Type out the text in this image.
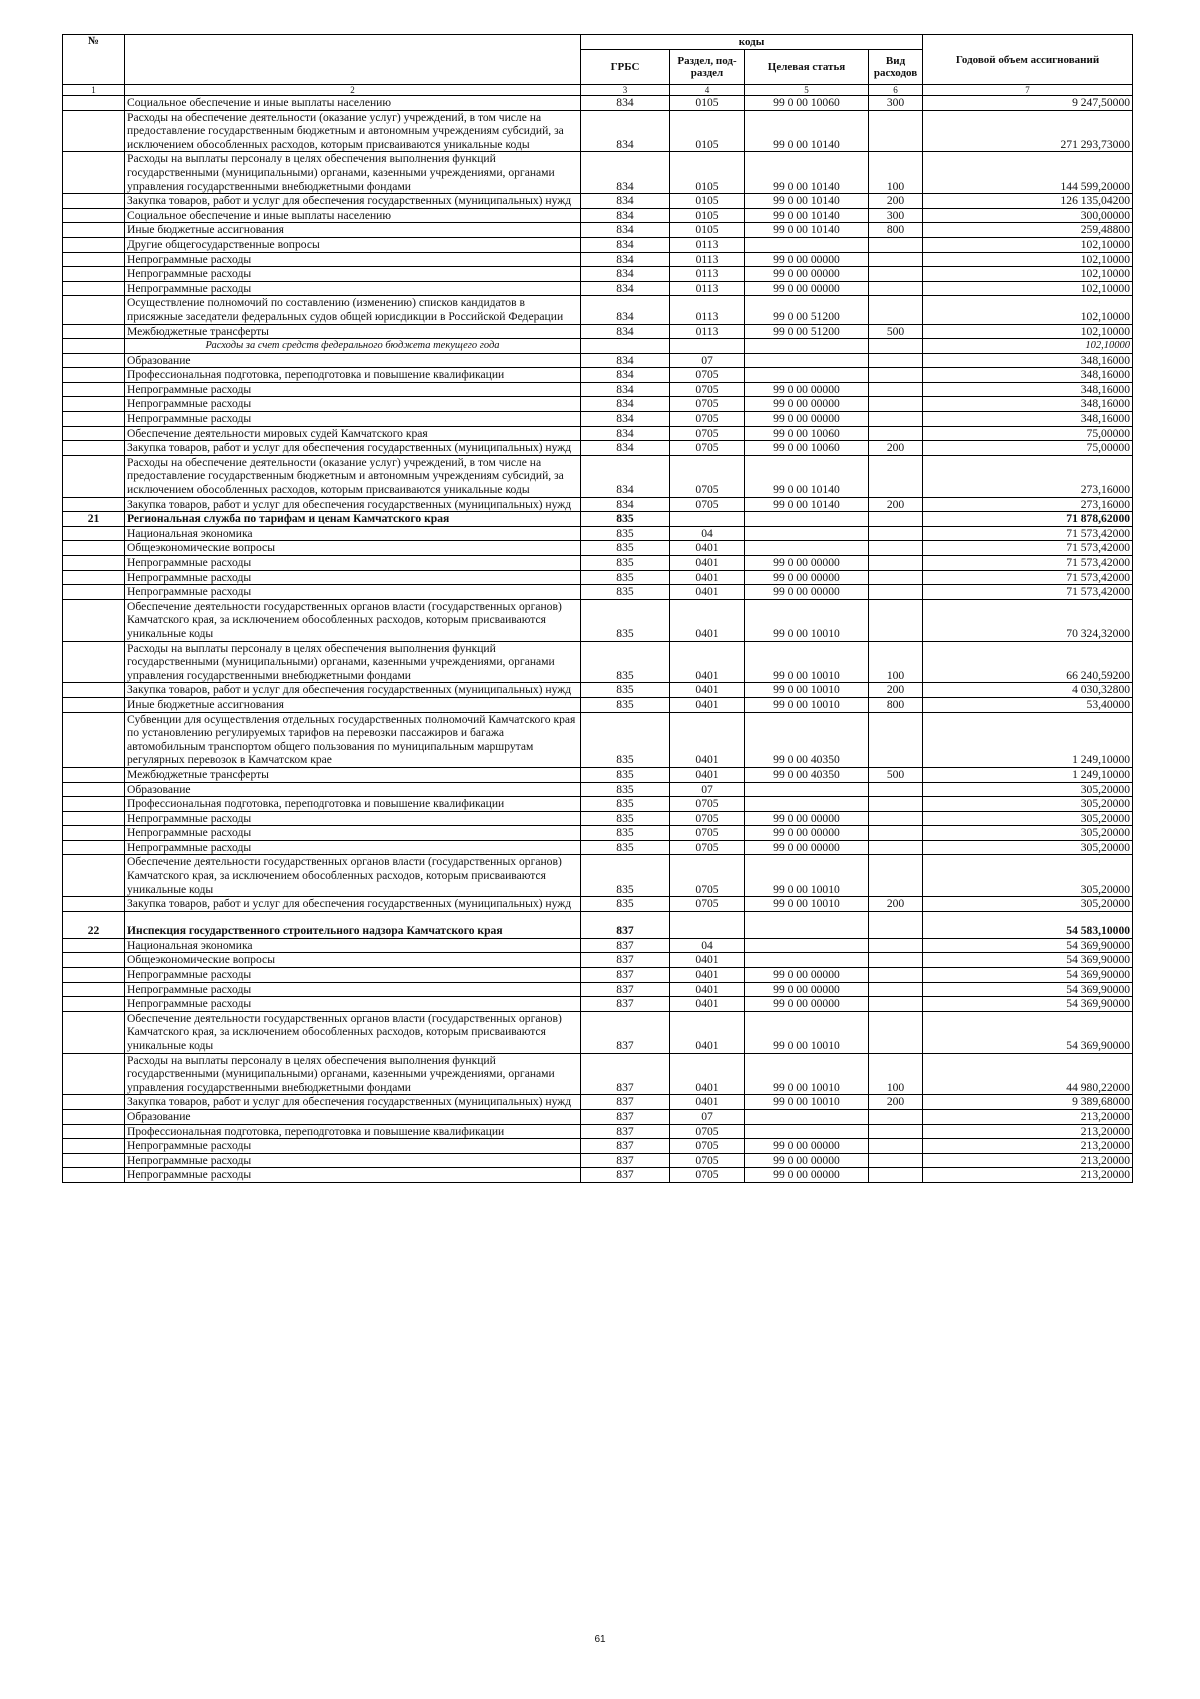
№		коды				Годовой объем ассигнований
		ГРБС	Раздел, под-раздел	Целевая статья	Вид расходов	
1	2	3	4	5	6	7
	Социальное обеспечение и иные выплаты населению	834	0105	99 0 00 10060	300	9 247,50000
	Расходы на обеспечение деятельности (оказание услуг) учреждений, в том числе на предоставление государственным бюджетным и автономным учреждениям субсидий, за исключением обособленных расходов, которым присваиваются уникальные коды	834	0105	99 0 00 10140		271 293,73000
	Расходы на выплаты персоналу в целях обеспечения выполнения функций государственными (муниципальными) органами, казенными учреждениями, органами управления государственными внебюджетными фондами	834	0105	99 0 00 10140	100	144 599,20000
	Закупка товаров, работ и услуг для обеспечения государственных (муниципальных) нужд	834	0105	99 0 00 10140	200	126 135,04200
	Социальное обеспечение и иные выплаты населению	834	0105	99 0 00 10140	300	300,00000
	Иные бюджетные ассигнования	834	0105	99 0 00 10140	800	259,48800
	Другие общегосударственные вопросы	834	0113			102,10000
	Непрограммные расходы	834	0113	99 0 00 00000		102,10000
	Непрограммные расходы	834	0113	99 0 00 00000		102,10000
	Непрограммные расходы	834	0113	99 0 00 00000		102,10000
	Осуществление полномочий по составлению (изменению) списков кандидатов в присяжные заседатели федеральных судов общей юрисдикции в Российской Федерации	834	0113	99 0 00 51200		102,10000
	Межбюджетные трансферты	834	0113	99 0 00 51200	500	102,10000
	Расходы за счет средств федерального бюджета текущего года					102,10000
	Образование	834	07			348,16000
	Профессиональная подготовка, переподготовка и повышение квалификации	834	0705			348,16000
	Непрограммные расходы	834	0705	99 0 00 00000		348,16000
	Непрограммные расходы	834	0705	99 0 00 00000		348,16000
	Непрограммные расходы	834	0705	99 0 00 00000		348,16000
	Обеспечение деятельности мировых судей Камчатского края	834	0705	99 0 00 10060		75,00000
	Закупка товаров, работ и услуг для обеспечения государственных (муниципальных) нужд	834	0705	99 0 00 10060	200	75,00000
	Расходы на обеспечение деятельности (оказание услуг) учреждений, в том числе на предоставление государственным бюджетным и автономным учреждениям субсидий, за исключением обособленных расходов, которым присваиваются уникальные коды	834	0705	99 0 00 10140		273,16000
	Закупка товаров, работ и услуг для обеспечения государственных (муниципальных) нужд	834	0705	99 0 00 10140	200	273,16000
21	Региональная служба по тарифам и ценам Камчатского края	835				71 878,62000
	Национальная экономика	835	04			71 573,42000
	Общеэкономические вопросы	835	0401			71 573,42000
	Непрограммные расходы	835	0401	99 0 00 00000		71 573,42000
	Непрограммные расходы	835	0401	99 0 00 00000		71 573,42000
	Непрограммные расходы	835	0401	99 0 00 00000		71 573,42000
	Обеспечение деятельности государственных органов власти (государственных органов) Камчатского края, за исключением обособленных расходов, которым присваиваются уникальные коды	835	0401	99 0 00 10010		70 324,32000
	Расходы на выплаты персоналу в целях обеспечения выполнения функций государственными (муниципальными) органами, казенными учреждениями, органами управления государственными внебюджетными фондами	835	0401	99 0 00 10010	100	66 240,59200
	Закупка товаров, работ и услуг для обеспечения государственных (муниципальных) нужд	835	0401	99 0 00 10010	200	4 030,32800
	Иные бюджетные ассигнования	835	0401	99 0 00 10010	800	53,40000
	Субвенции для осуществления отдельных государственных полномочий Камчатского края по установлению регулируемых тарифов на перевозки пассажиров и багажа автомобильным транспортом общего пользования по муниципальным маршрутам регулярных перевозок в Камчатском крае	835	0401	99 0 00 40350		1 249,10000
	Межбюджетные трансферты	835	0401	99 0 00 40350	500	1 249,10000
	Образование	835	07			305,20000
	Профессиональная подготовка, переподготовка и повышение квалификации	835	0705			305,20000
	Непрограммные расходы	835	0705	99 0 00 00000		305,20000
	Непрограммные расходы	835	0705	99 0 00 00000		305,20000
	Непрограммные расходы	835	0705	99 0 00 00000		305,20000
	Обеспечение деятельности государственных органов власти (государственных органов) Камчатского края, за исключением обособленных расходов, которым присваиваются уникальные коды	835	0705	99 0 00 10010		305,20000
	Закупка товаров, работ и услуг для обеспечения государственных (муниципальных) нужд	835	0705	99 0 00 10010	200	305,20000
22	Инспекция государственного строительного надзора Камчатского края	837				54 583,10000
	Национальная экономика	837	04			54 369,90000
	Общеэкономические вопросы	837	0401			54 369,90000
	Непрограммные расходы	837	0401	99 0 00 00000		54 369,90000
	Непрограммные расходы	837	0401	99 0 00 00000		54 369,90000
	Непрограммные расходы	837	0401	99 0 00 00000		54 369,90000
	Обеспечение деятельности государственных органов власти (государственных органов) Камчатского края, за исключением обособленных расходов, которым присваиваются уникальные коды	837	0401	99 0 00 10010		54 369,90000
	Расходы на выплаты персоналу в целях обеспечения выполнения функций государственными (муниципальными) органами, казенными учреждениями, органами управления государственными внебюджетными фондами	837	0401	99 0 00 10010	100	44 980,22000
	Закупка товаров, работ и услуг для обеспечения государственных (муниципальных) нужд	837	0401	99 0 00 10010	200	9 389,68000
	Образование	837	07			213,20000
	Профессиональная подготовка, переподготовка и повышение квалификации	837	0705			213,20000
	Непрограммные расходы	837	0705	99 0 00 00000		213,20000
	Непрограммные расходы	837	0705	99 0 00 00000		213,20000
	Непрограммные расходы	837	0705	99 0 00 00000		213,20000
61
